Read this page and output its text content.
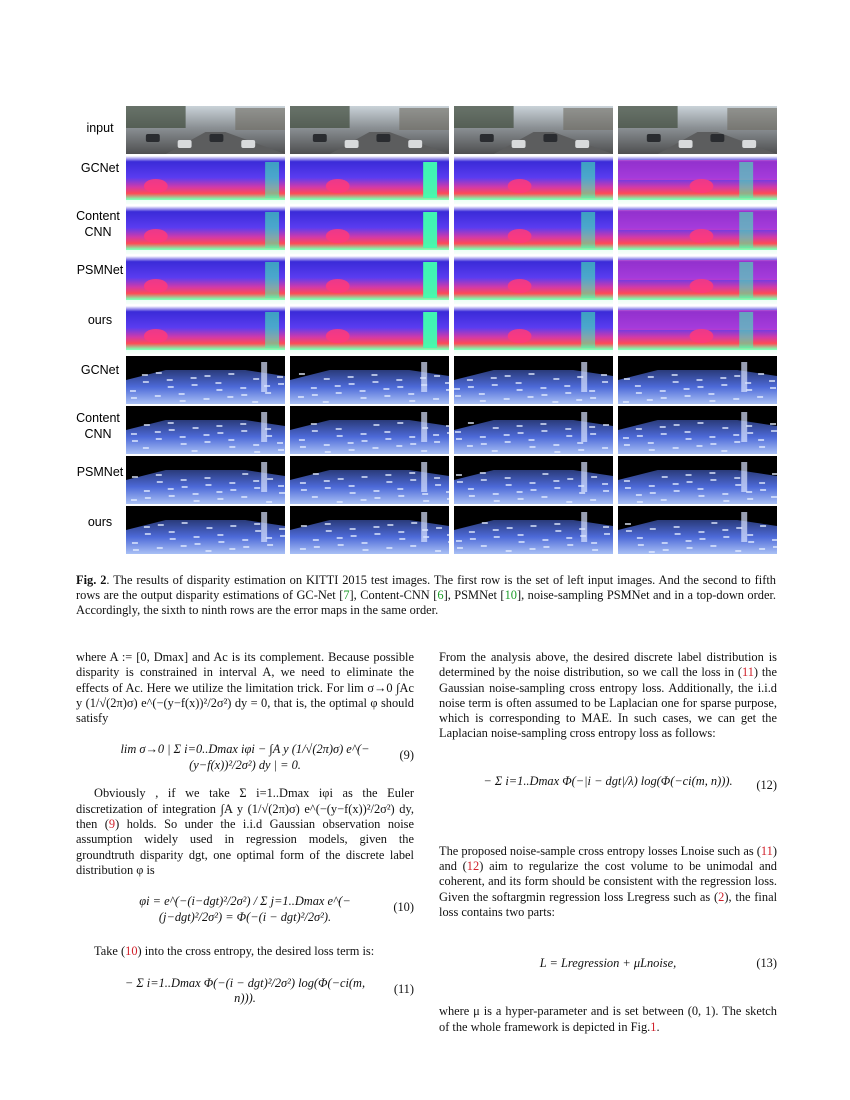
input
GCNet
Content CNN
PSMNet
ours
GCNet
Content CNN
PSMNet
ours
Fig. 2. The results of disparity estimation on KITTI 2015 test images. The first row is the set of left input images. And the second to fifth rows are the output disparity estimations of GC-Net [7], Content-CNN [6], PSMNet [10], noise-sampling PSMNet and in a top-down order. Accordingly, the sixth to ninth rows are the error maps in the same order.

where A := [0, Dmax] and Ac is its complement. Because possible disparity is constrained in interval A, we need to eliminate the effects of Ac. Here we utilize the limitation trick. For lim σ→0 ∫Ac y (1/√(2π)σ) e^(−(y−f(x))²/2σ²) dy = 0, that is, the optimal φ should satisfy

lim σ→0 | Σ i=0..Dmax iφi − ∫A y (1/√(2π)σ) e^(−(y−f(x))²/2σ²) dy | = 0.
(9)

Obviously , if we take Σ i=1..Dmax iφi as the Euler discretization of integration ∫A y (1/√(2π)σ) e^(−(y−f(x))²/2σ²) dy, then (9) holds. So under the i.i.d Gaussian observation noise assumption widely used in regression models, given the groundtruth disparity dgt, one optimal form of the discrete label distribution φ is

φi = e^(−(i−dgt)²/2σ²) / Σ j=1..Dmax e^(−(j−dgt)²/2σ²) = Φ(−(i − dgt)²/2σ²).
(10)

Take (10) into the cross entropy, the desired loss term is:

− Σ i=1..Dmax Φ(−(i − dgt)²/2σ²) log(Φ(−ci(m, n))).
(11)

From the analysis above, the desired discrete label distribution is determined by the noise distribution, so we call the loss in (11) the Gaussian noise-sampling cross entropy loss. Additionally, the i.i.d noise term is often assumed to be Laplacian one for sparse purpose, which is corresponding to MAE. In such cases, we can get the Laplacian noise-sampling cross entropy loss as follows:

− Σ i=1..Dmax Φ(−|i − dgt|/λ) log(Φ(−ci(m, n))).	(12)

The proposed noise-sample cross entropy losses Lnoise such as (11) and (12) aim to regularize the cost volume to be unimodal and coherent, and its form should be consistent with the regression loss. Given the softargmin regression loss Lregress such as (2), the final loss contains two parts:

L = Lregression + μLnoise,	(13)

where μ is a hyper-parameter and is set between (0, 1). The sketch of the whole framework is depicted in Fig.1.
